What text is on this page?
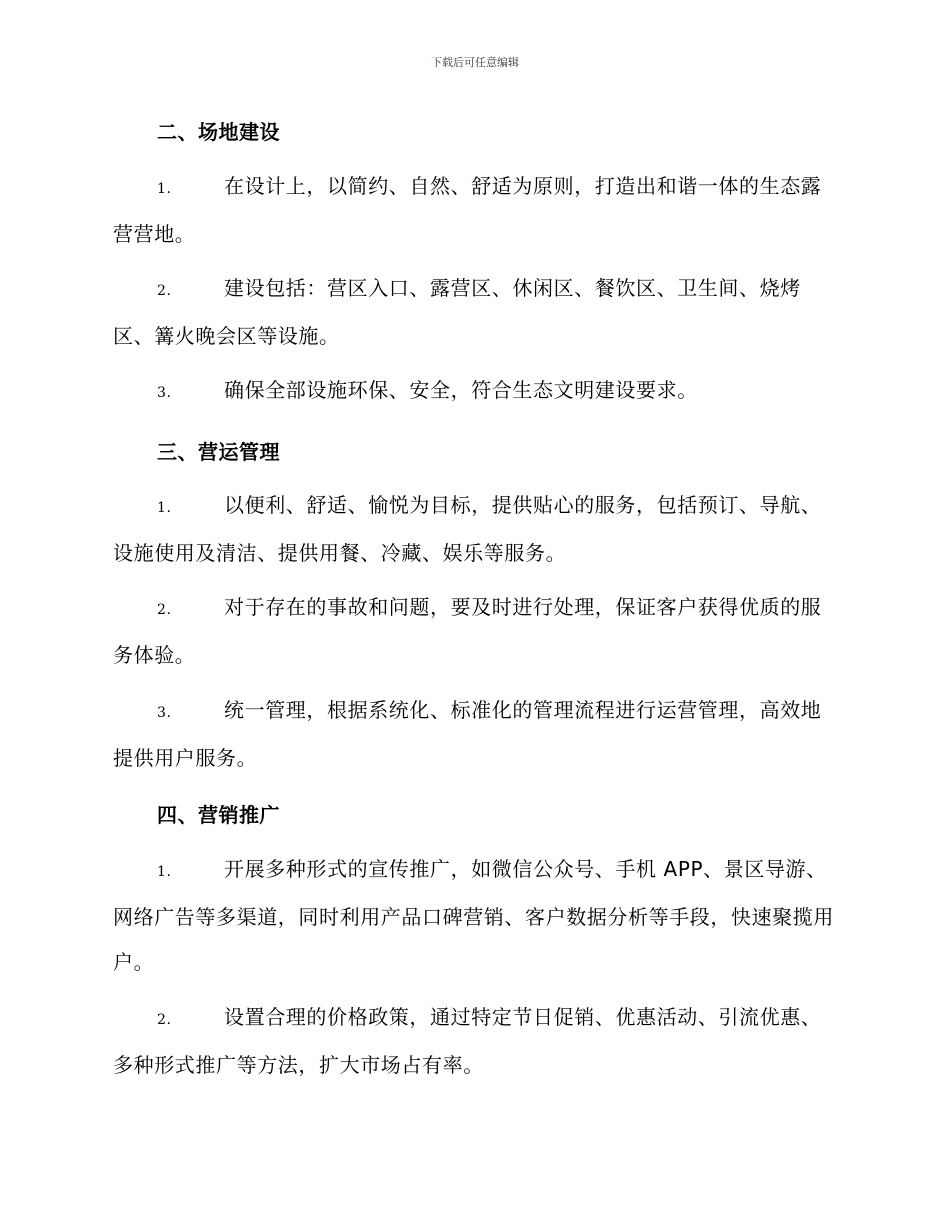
下载后可任意编辑
二、场地建设
1.	在设计上，以简约、自然、舒适为原则，打造出和谐一体的生态露营营地。
2.	建设包括：营区入口、露营区、休闲区、餐饮区、卫生间、烧烤区、篝火晚会区等设施。
3.	确保全部设施环保、安全，符合生态文明建设要求。
三、营运管理
1.	以便利、舒适、愉悦为目标，提供贴心的服务，包括预订、导航、设施使用及清洁、提供用餐、冷藏、娱乐等服务。
2.	对于存在的事故和问题，要及时进行处理，保证客户获得优质的服务体验。
3.	统一管理，根据系统化、标准化的管理流程进行运营管理，高效地提供用户服务。
四、营销推广
1.	开展多种形式的宣传推广，如微信公众号、手机 APP、景区导游、网络广告等多渠道，同时利用产品口碑营销、客户数据分析等手段，快速聚揽用户。
2.	设置合理的价格政策，通过特定节日促销、优惠活动、引流优惠、多种形式推广等方法，扩大市场占有率。
